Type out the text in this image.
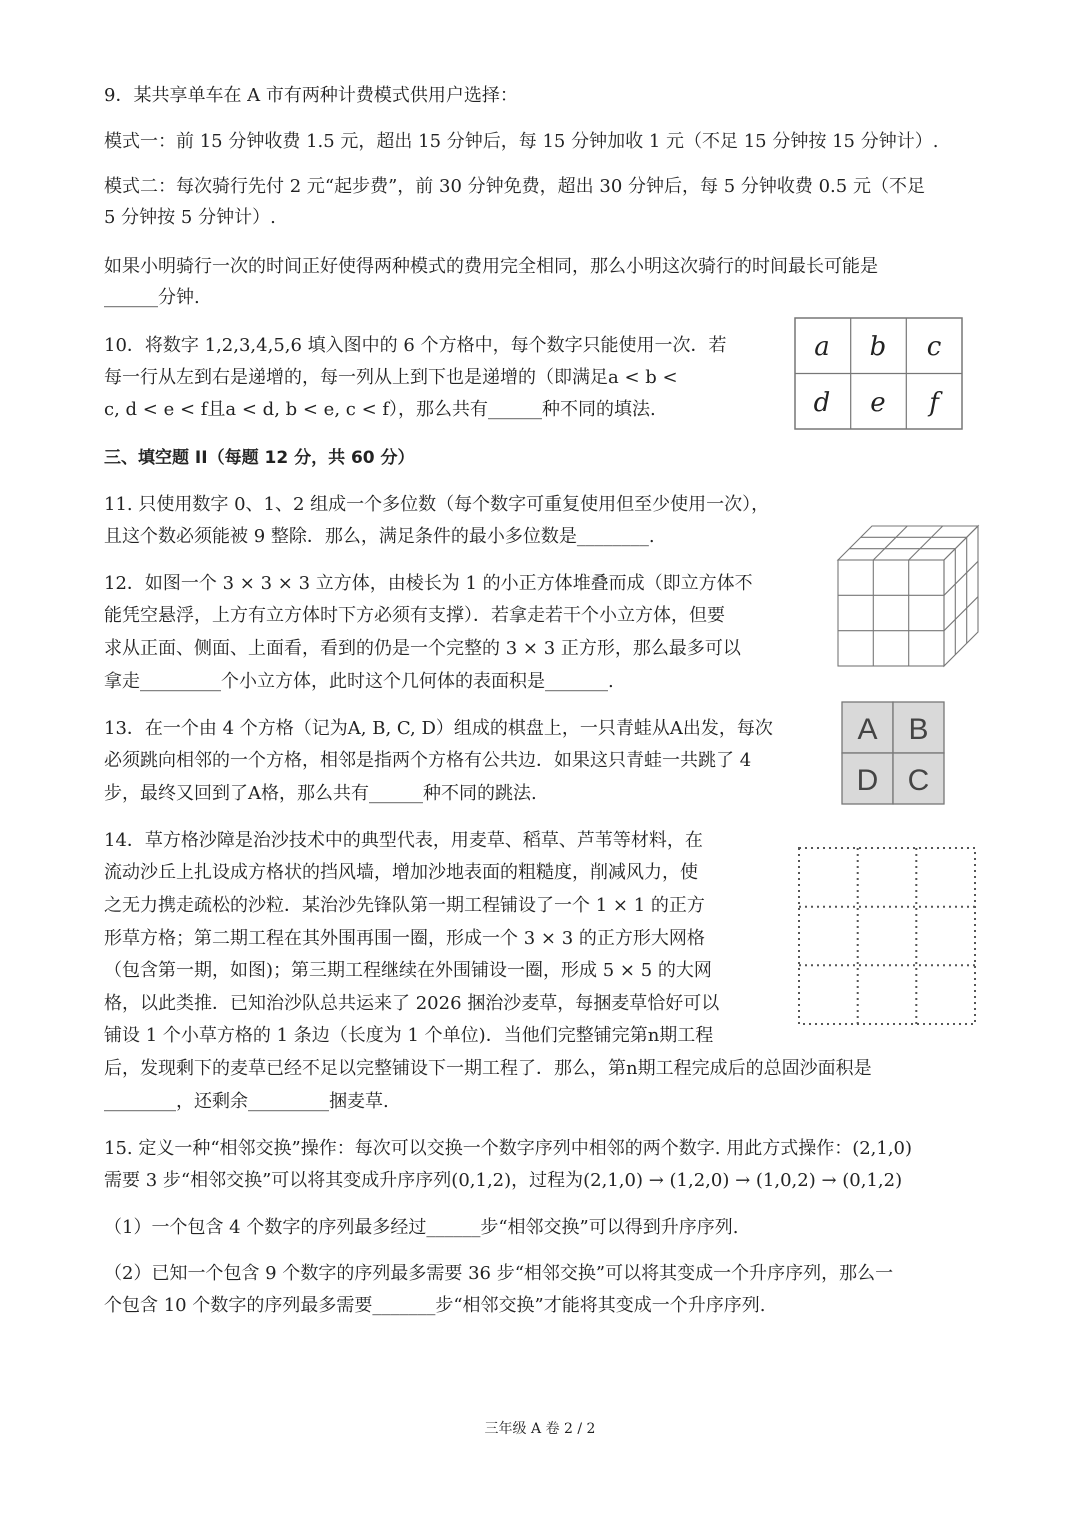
9．某共享单车在 A 市有两种计费模式供用户选择：
模式一：前 15 分钟收费 1.5 元，超出 15 分钟后，每 15 分钟加收 1 元（不足 15 分钟按 15 分钟计）.
模式二：每次骑行先付 2 元“起步费”，前 30 分钟免费，超出 30 分钟后，每 5 分钟收费 0.5 元（不足
5 分钟按 5 分钟计）.
如果小明骑行一次的时间正好使得两种模式的费用完全相同，那么小明这次骑行的时间最长可能是
______分钟.
10．将数字 1,2,3,4,5,6 填入图中的 6 个方格中，每个数字只能使用一次．若
每一行从左到右是递增的，每一列从上到下也是递增的（即满足a < b <
c, d < e < f且a < d, b < e, c < f），那么共有______种不同的填法.
a b c
d e f
三、填空题 II（每题 12 分，共 60 分）
11. 只使用数字 0、1、2 组成一个多位数（每个数字可重复使用但至少使用一次），
且这个数必须能被 9 整除．那么，满足条件的最小多位数是________.
12．如图一个 3 × 3 × 3 立方体，由棱长为 1 的小正方体堆叠而成（即立方体不
能凭空悬浮，上方有立方体时下方必须有支撑）．若拿走若干个小立方体，但要
求从正面、侧面、上面看，看到的仍是一个完整的 3 × 3 正方形，那么最多可以
拿走_________个小立方体，此时这个几何体的表面积是_______.
13．在一个由 4 个方格（记为A, B, C, D）组成的棋盘上，一只青蛙从A出发，每次
必须跳向相邻的一个方格，相邻是指两个方格有公共边．如果这只青蛙一共跳了 4
步，最终又回到了A格，那么共有______种不同的跳法.
A B
D C
14．草方格沙障是治沙技术中的典型代表，用麦草、稻草、芦苇等材料，在
流动沙丘上扎设成方格状的挡风墙，增加沙地表面的粗糙度，削减风力，使
之无力携走疏松的沙粒．某治沙先锋队第一期工程铺设了一个 1 × 1 的正方
形草方格；第二期工程在其外围再围一圈，形成一个 3 × 3 的正方形大网格
（包含第一期，如图)；第三期工程继续在外围铺设一圈，形成 5 × 5 的大网
格，以此类推．已知治沙队总共运来了 2026 捆治沙麦草，每捆麦草恰好可以
铺设 1 个小草方格的 1 条边（长度为 1 个单位)．当他们完整铺完第n期工程
后，发现剩下的麦草已经不足以完整铺设下一期工程了．那么，第n期工程完成后的总固沙面积是
________，还剩余_________捆麦草.
15. 定义一种“相邻交换”操作：每次可以交换一个数字序列中相邻的两个数字. 用此方式操作：(2,1,0)
需要 3 步“相邻交换”可以将其变成升序序列(0,1,2)，过程为(2,1,0) → (1,2,0) → (1,0,2) → (0,1,2)
（1）一个包含 4 个数字的序列最多经过______步“相邻交换”可以得到升序序列.
（2）已知一个包含 9 个数字的序列最多需要 36 步“相邻交换”可以将其变成一个升序序列，那么一
个包含 10 个数字的序列最多需要_______步“相邻交换”才能将其变成一个升序序列.
三年级 A 卷 2 / 2
